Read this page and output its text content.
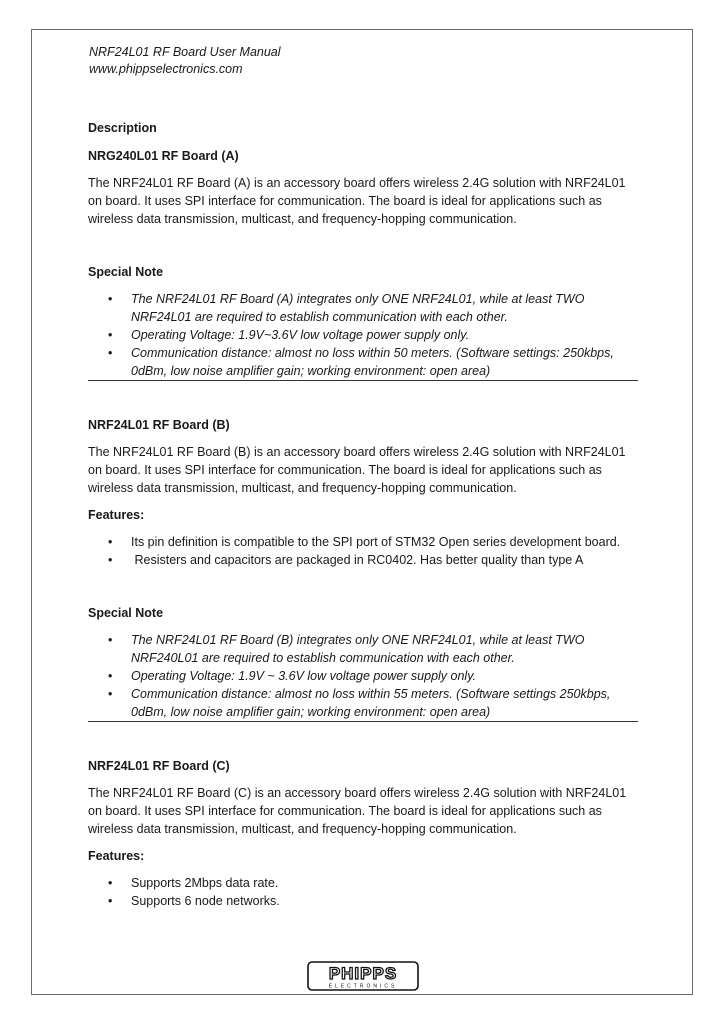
NRF24L01 RF Board User Manual
www.phippselectronics.com

Description

NRG240L01 RF Board (A)

The NRF24L01 RF Board (A) is an accessory board offers wireless 2.4G solution with NRF24L01 on board. It uses SPI interface for communication. The board is ideal for applications such as wireless data transmission, multicast, and frequency-hopping communication.

Special Note

• The NRF24L01 RF Board (A) integrates only ONE NRF24L01, while at least TWO NRF24L01 are required to establish communication with each other.
• Operating Voltage: 1.9V~3.6V low voltage power supply only.
• Communication distance: almost no loss within 50 meters. (Software settings: 250kbps, 0dBm, low noise amplifier gain; working environment: open area)

NRF24L01 RF Board (B)

The NRF24L01 RF Board (B) is an accessory board offers wireless 2.4G solution with NRF24L01 on board. It uses SPI interface for communication. The board is ideal for applications such as wireless data transmission, multicast, and frequency-hopping communication.

Features:

• Its pin definition is compatible to the SPI port of STM32 Open series development board.
•  Resisters and capacitors are packaged in RC0402. Has better quality than type A

Special Note

• The NRF24L01 RF Board (B) integrates only ONE NRF24L01, while at least TWO NRF240L01 are required to establish communication with each other.
• Operating Voltage: 1.9V ~ 3.6V low voltage power supply only.
• Communication distance: almost no loss within 55 meters. (Software settings 250kbps, 0dBm, low noise amplifier gain; working environment: open area)

NRF24L01 RF Board (C)

The NRF24L01 RF Board (C) is an accessory board offers wireless 2.4G solution with NRF24L01 on board. It uses SPI interface for communication. The board is ideal for applications such as wireless data transmission, multicast, and frequency-hopping communication.

Features:

• Supports 2Mbps data rate.
• Supports 6 node networks.
PHIPPS
ELECTRONICS
